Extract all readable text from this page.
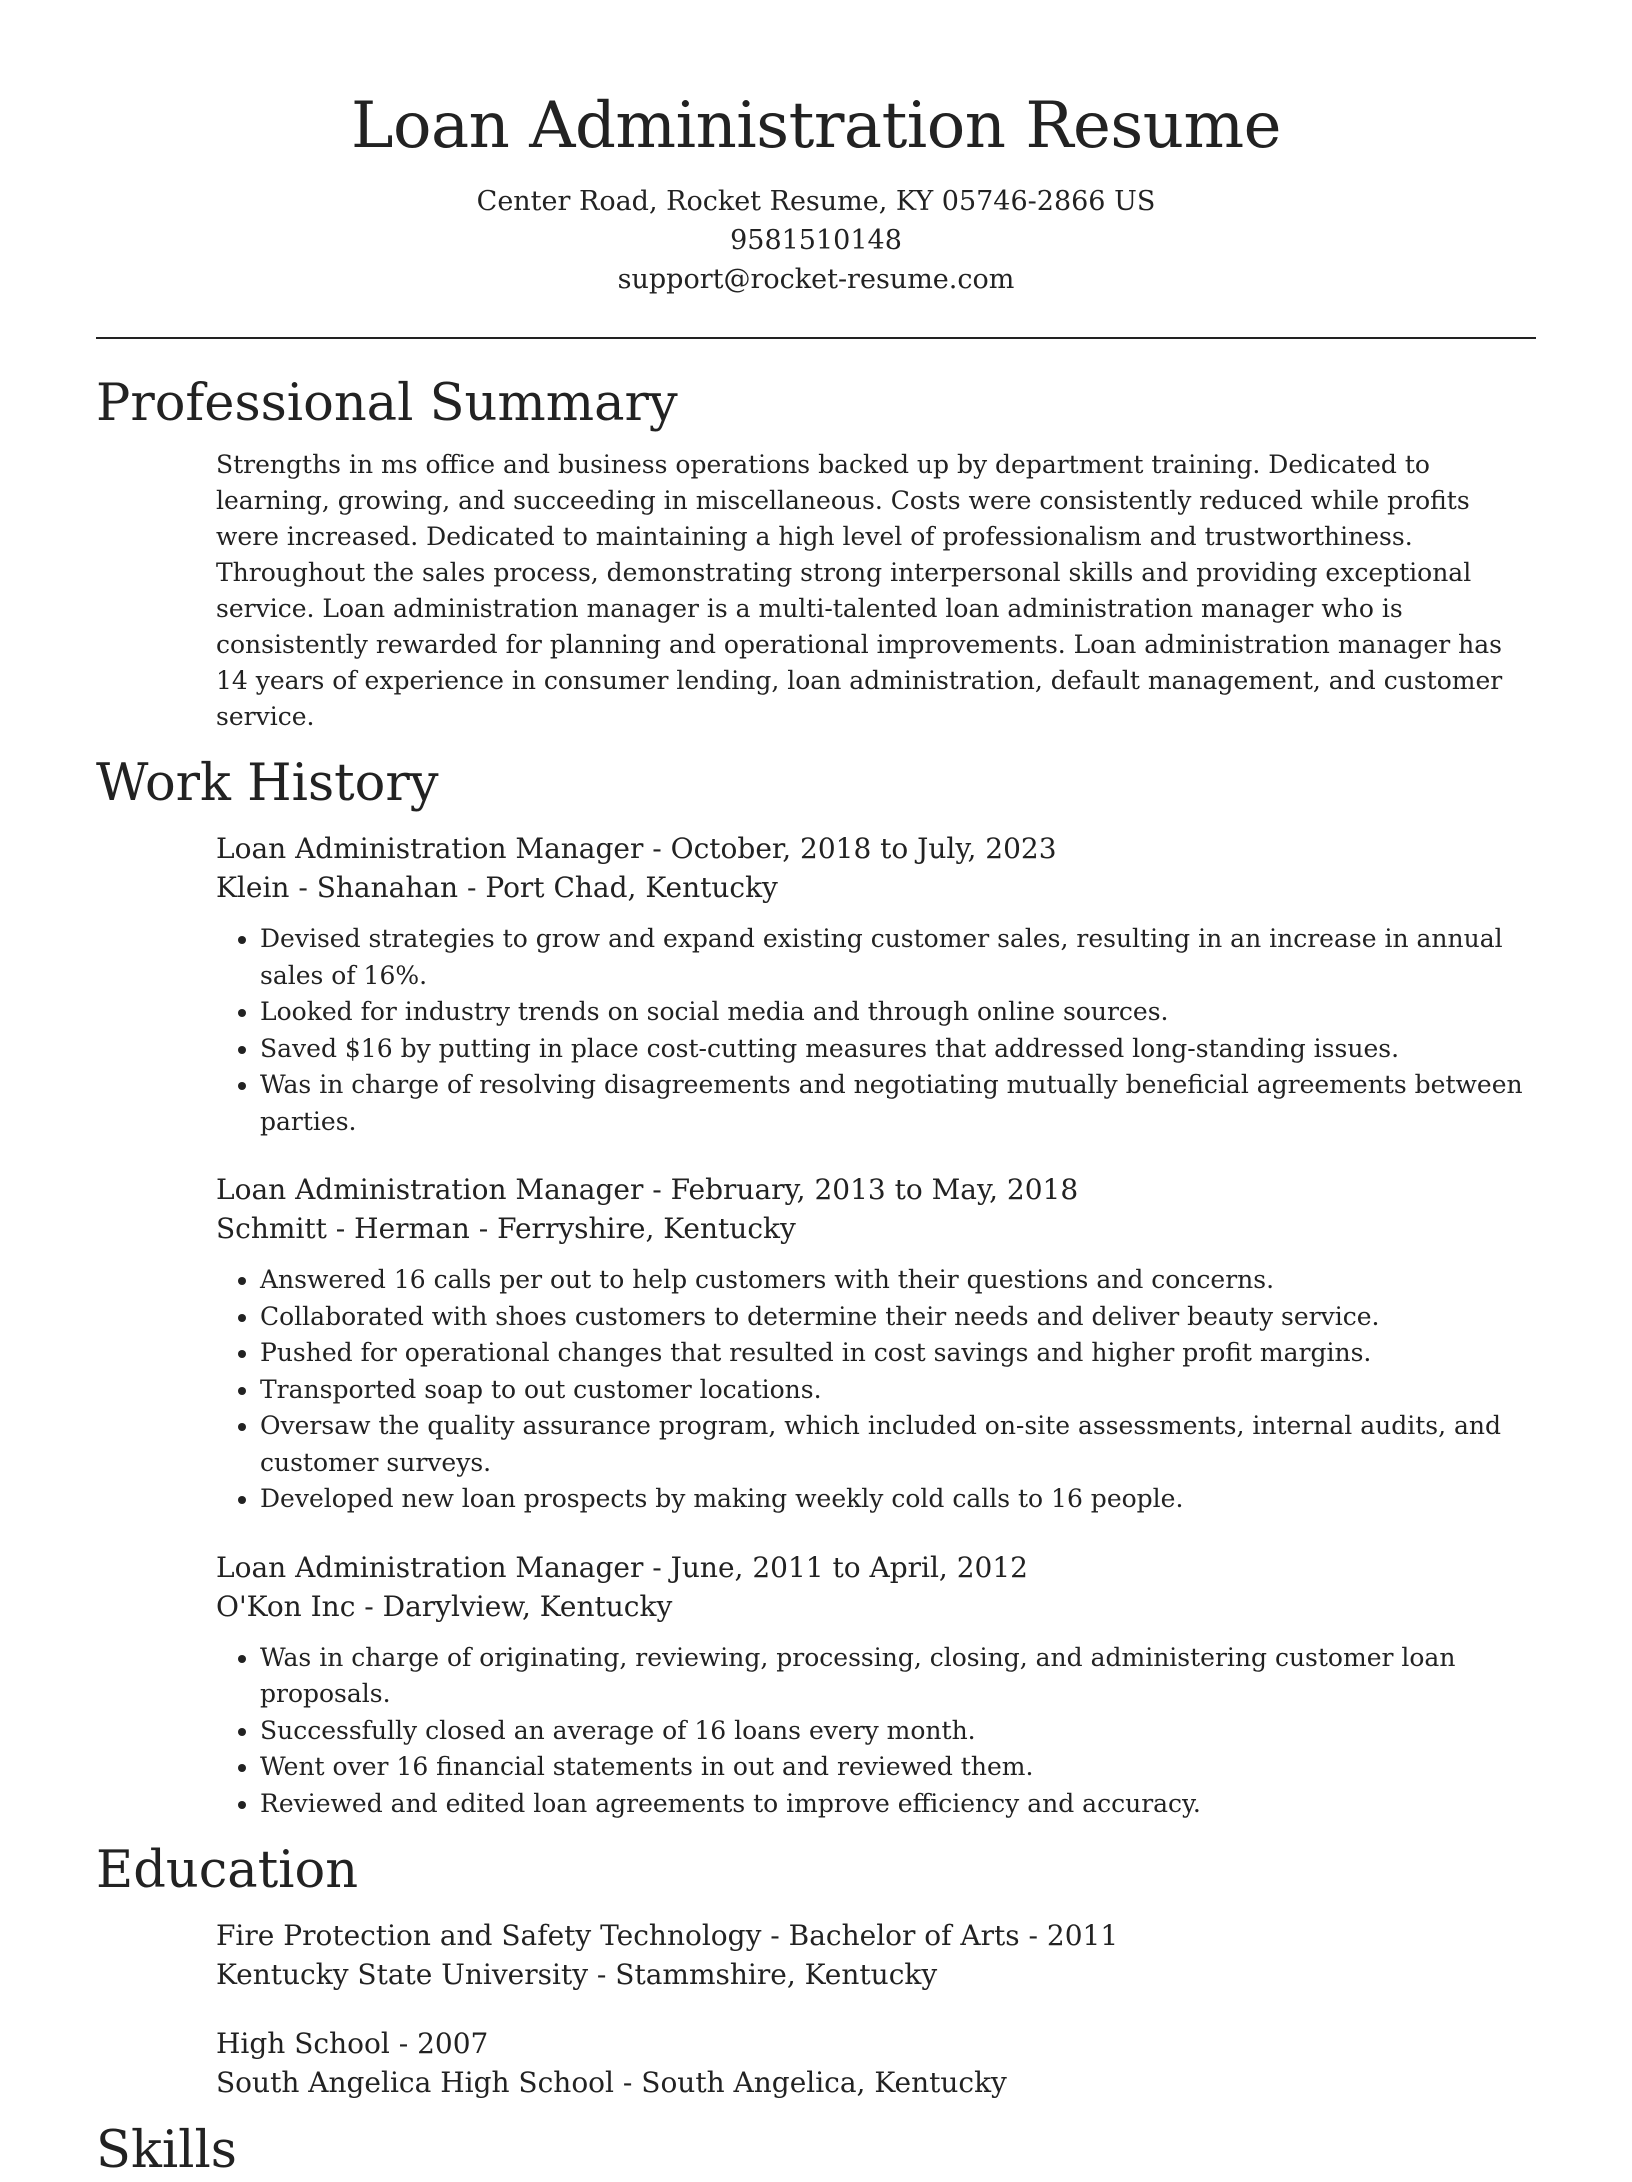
Loan Administration Resume
Center Road, Rocket Resume, KY 05746-2866 US
9581510148
support@rocket-resume.com
Professional Summary

Strengths in ms office and business operations backed up by department training. Dedicated to learning, growing, and succeeding in miscellaneous. Costs were consistently reduced while profits were increased. Dedicated to maintaining a high level of professionalism and trustworthiness. Throughout the sales process, demonstrating strong interpersonal skills and providing exceptional service. Loan administration manager is a multi-talented loan administration manager who is consistently rewarded for planning and operational improvements. Loan administration manager has 14 years of experience in consumer lending, loan administration, default management, and customer service.

Work History
Loan Administration Manager - October, 2018 to July, 2023
Klein - Shanahan - Port Chad, Kentucky
• Devised strategies to grow and expand existing customer sales, resulting in an increase in annual sales of 16%.
• Looked for industry trends on social media and through online sources.
• Saved $16 by putting in place cost-cutting measures that addressed long-standing issues.
• Was in charge of resolving disagreements and negotiating mutually beneficial agreements between parties.
Loan Administration Manager - February, 2013 to May, 2018
Schmitt - Herman - Ferryshire, Kentucky
• Answered 16 calls per out to help customers with their questions and concerns.
• Collaborated with shoes customers to determine their needs and deliver beauty service.
• Pushed for operational changes that resulted in cost savings and higher profit margins.
• Transported soap to out customer locations.
• Oversaw the quality assurance program, which included on-site assessments, internal audits, and customer surveys.
• Developed new loan prospects by making weekly cold calls to 16 people.
Loan Administration Manager - June, 2011 to April, 2012
O'Kon Inc - Darylview, Kentucky
• Was in charge of originating, reviewing, processing, closing, and administering customer loan proposals.
• Successfully closed an average of 16 loans every month.
• Went over 16 financial statements in out and reviewed them.
• Reviewed and edited loan agreements to improve efficiency and accuracy.
Education
Fire Protection and Safety Technology - Bachelor of Arts - 2011
Kentucky State University - Stammshire, Kentucky
High School - 2007
South Angelica High School - South Angelica, Kentucky
Skills
